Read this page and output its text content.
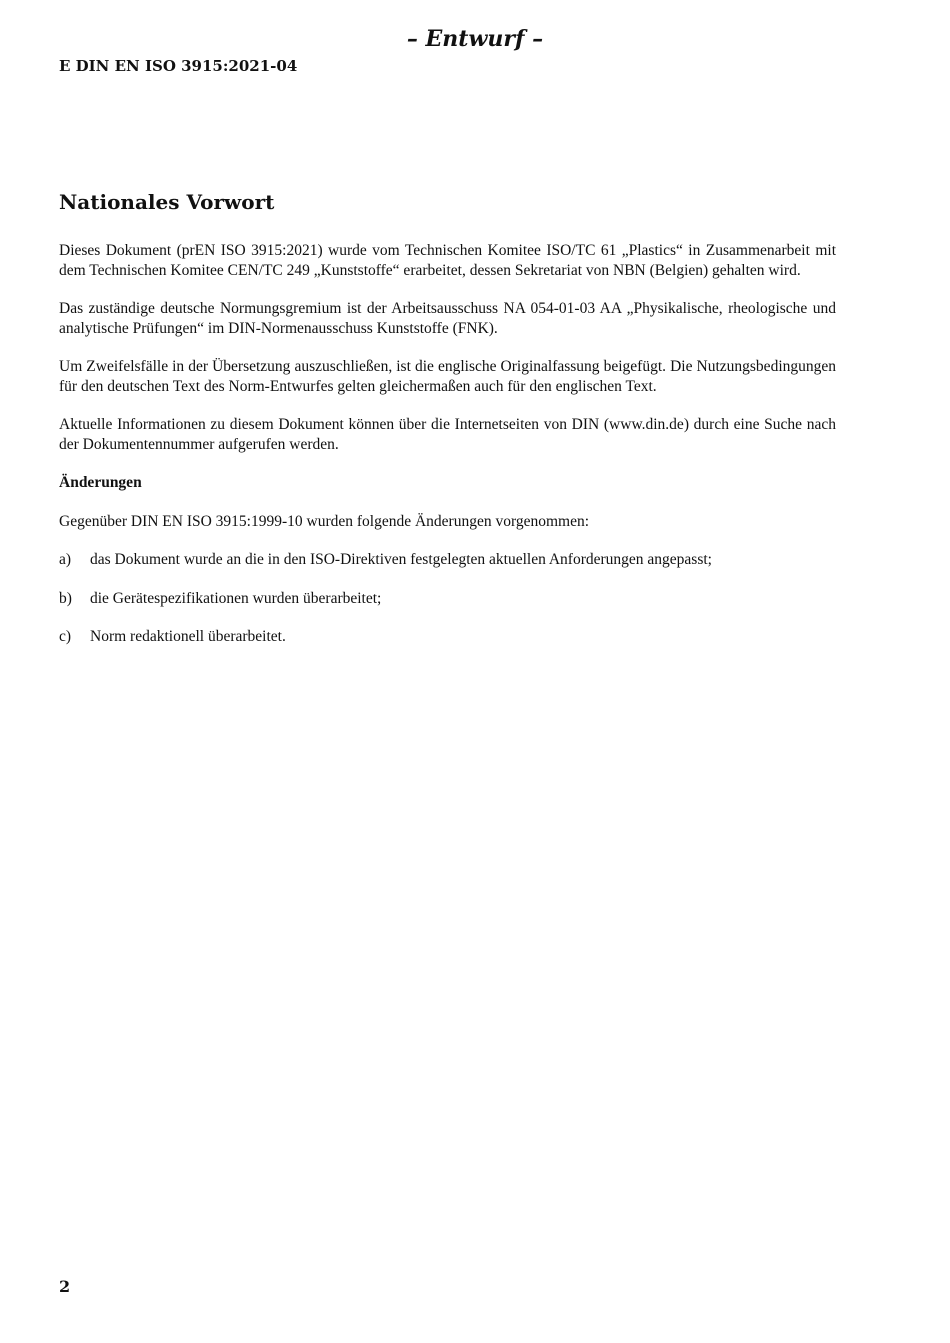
– Entwurf –
E DIN EN ISO 3915:2021-04
Nationales Vorwort

Dieses Dokument (prEN ISO 3915:2021) wurde vom Technischen Komitee ISO/TC 61 „Plastics“ in Zusammenarbeit mit dem Technischen Komitee CEN/TC 249 „Kunststoffe“ erarbeitet, dessen Sekretariat von NBN (Belgien) gehalten wird.

Das zuständige deutsche Normungsgremium ist der Arbeitsausschuss NA 054-01-03 AA „Physikalische, rheologische und analytische Prüfungen“ im DIN-Normenausschuss Kunststoffe (FNK).

Um Zweifelsfälle in der Übersetzung auszuschließen, ist die englische Originalfassung beigefügt. Die Nutzungsbedingungen für den deutschen Text des Norm-Entwurfes gelten gleichermaßen auch für den englischen Text.

Aktuelle Informationen zu diesem Dokument können über die Internetseiten von DIN (www.din.de) durch eine Suche nach der Dokumentennummer aufgerufen werden.

Änderungen

Gegenüber DIN EN ISO 3915:1999-10 wurden folgende Änderungen vorgenommen:

a)	das Dokument wurde an die in den ISO-Direktiven festgelegten aktuellen Anforderungen angepasst;
b)	die Gerätespezifikationen wurden überarbeitet;
c)	Norm redaktionell überarbeitet.
2
